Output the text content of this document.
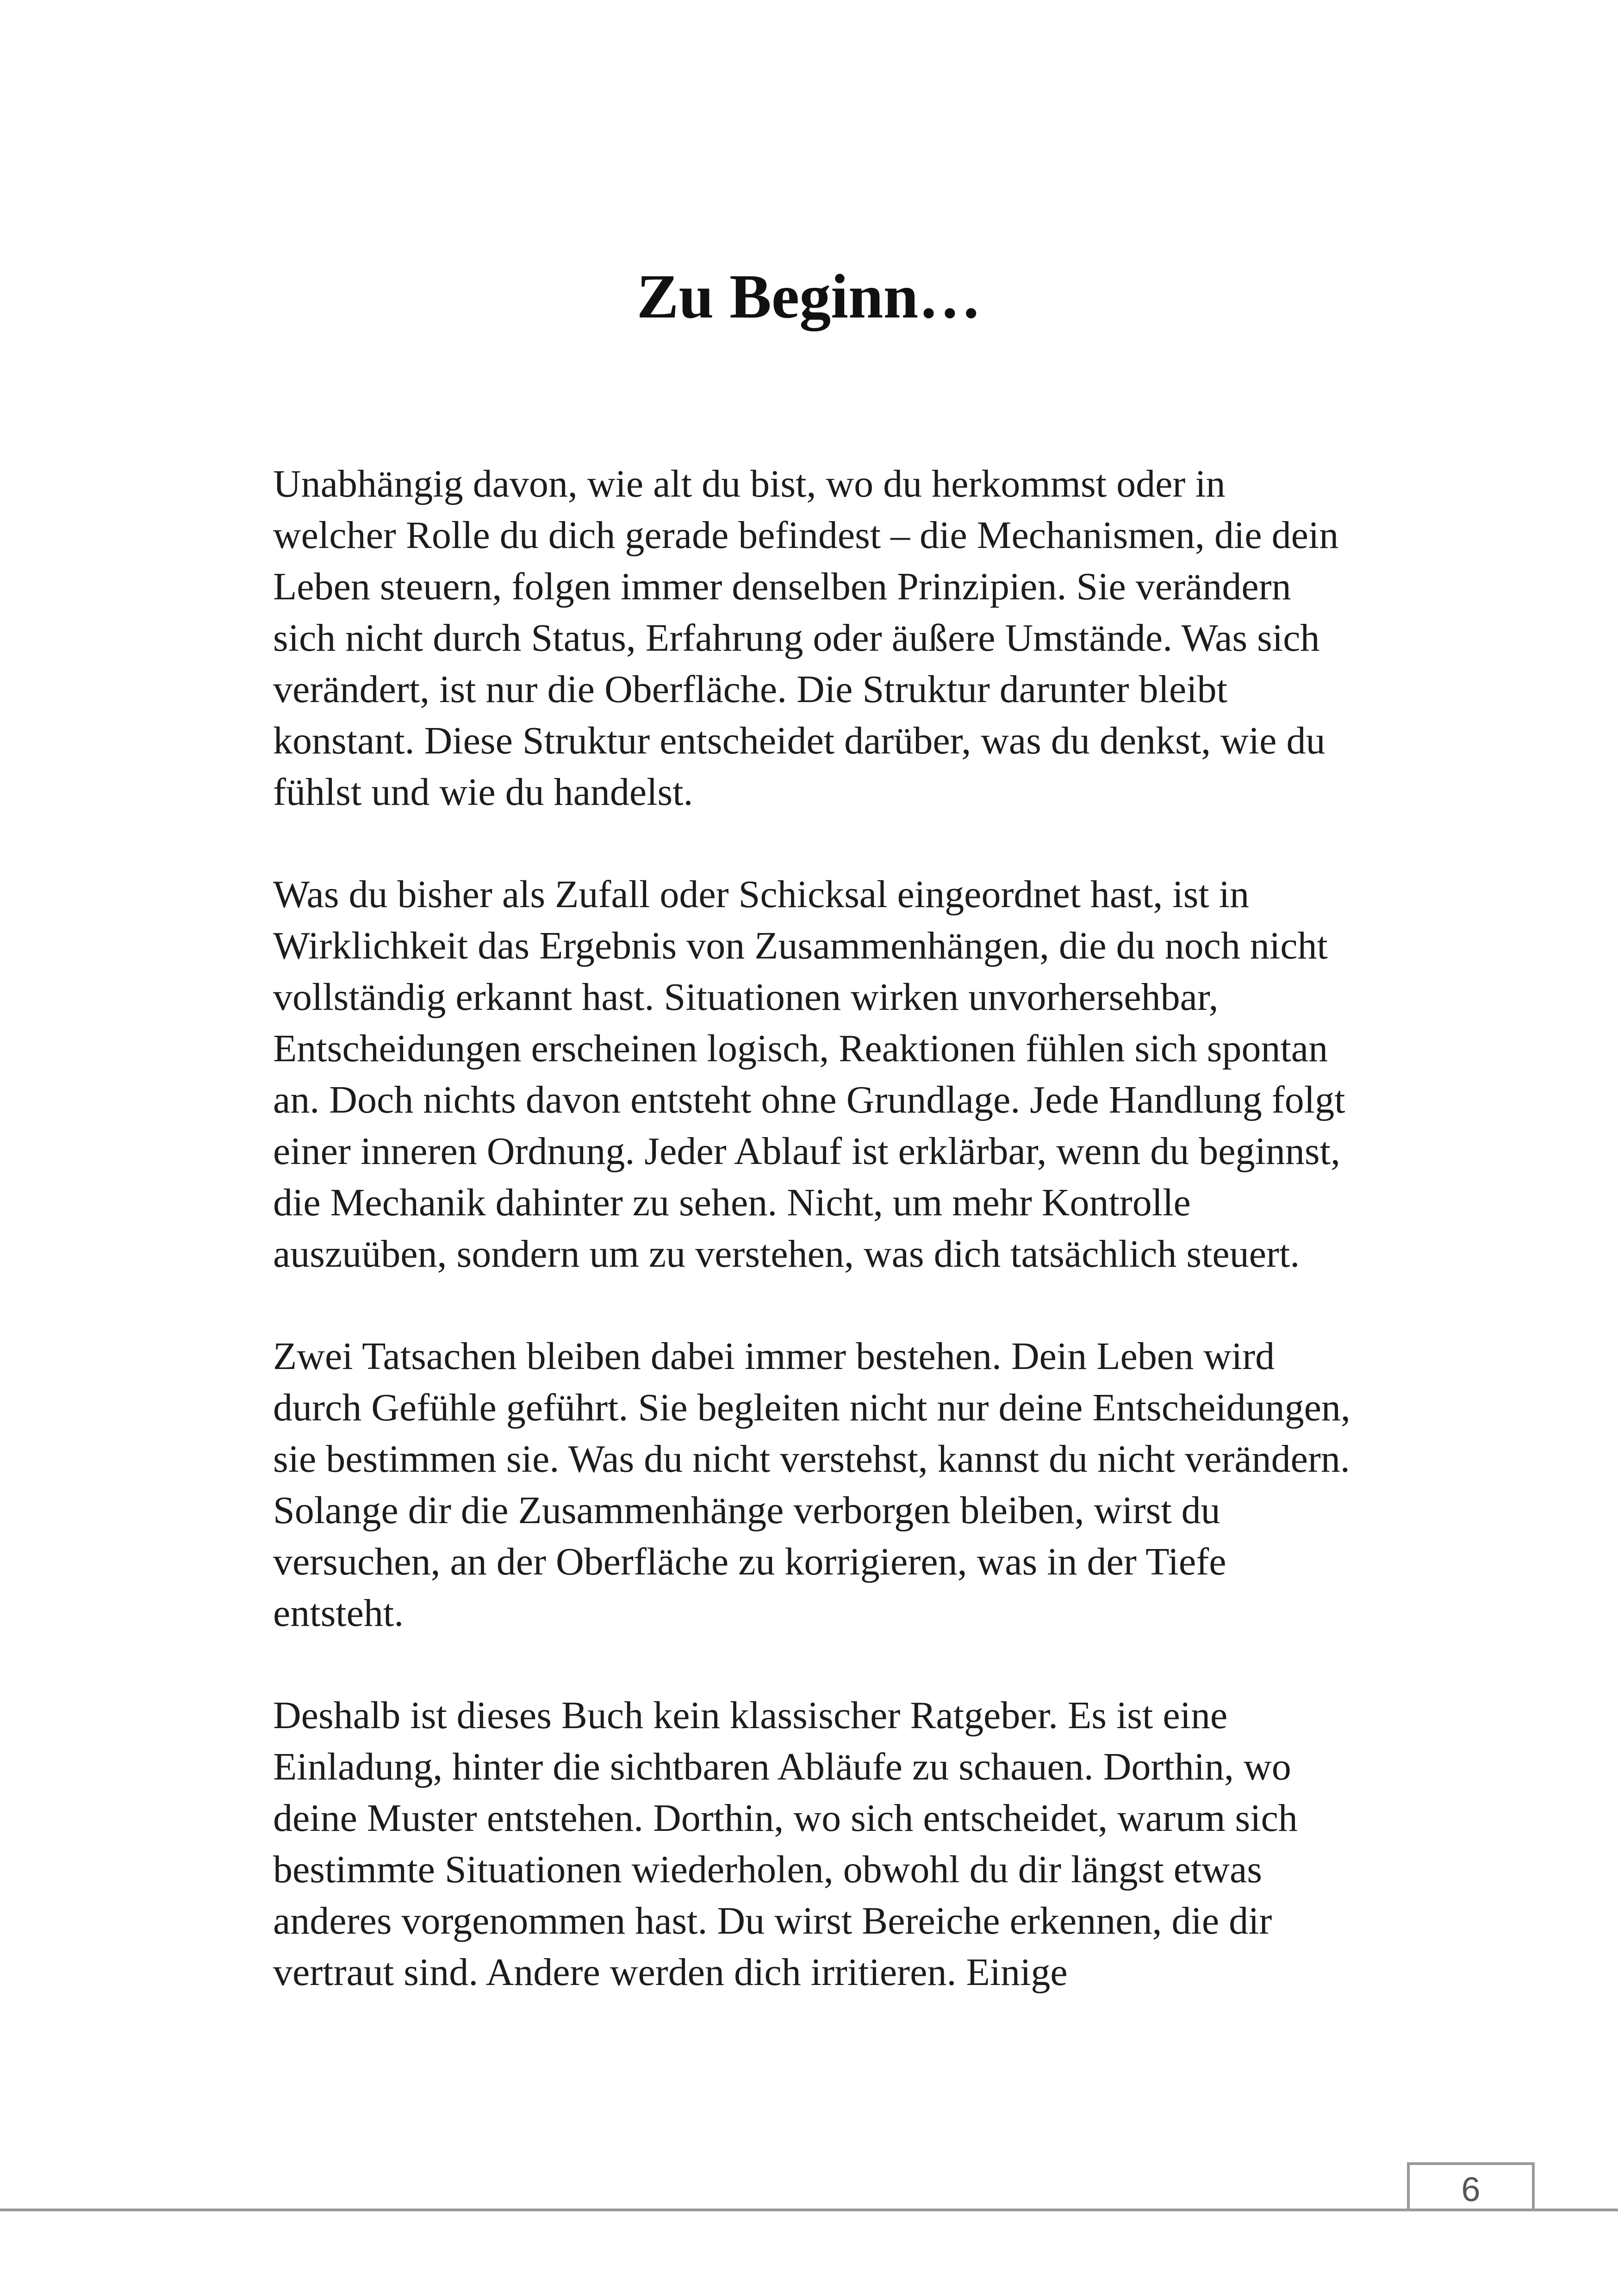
Zu Beginn…

Unabhängig davon, wie alt du bist, wo du herkommst oder in welcher Rolle du dich gerade befindest – die Mechanismen, die dein Leben steuern, folgen immer denselben Prinzipien. Sie verändern sich nicht durch Status, Erfahrung oder äußere Umstände. Was sich verändert, ist nur die Oberfläche. Die Struktur darunter bleibt konstant. Diese Struktur entscheidet darüber, was du denkst, wie du fühlst und wie du handelst.

Was du bisher als Zufall oder Schicksal eingeordnet hast, ist in Wirklichkeit das Ergebnis von Zusammenhängen, die du noch nicht vollständig erkannt hast. Situationen wirken unvorhersehbar, Entscheidungen erscheinen logisch, Reaktionen fühlen sich spontan an. Doch nichts davon entsteht ohne Grundlage. Jede Handlung folgt einer inneren Ordnung. Jeder Ablauf ist erklärbar, wenn du beginnst, die Mechanik dahinter zu sehen. Nicht, um mehr Kontrolle auszuüben, sondern um zu verstehen, was dich tatsächlich steuert.

Zwei Tatsachen bleiben dabei immer bestehen. Dein Leben wird durch Gefühle geführt. Sie begleiten nicht nur deine Entscheidungen, sie bestimmen sie. Was du nicht verstehst, kannst du nicht verändern. Solange dir die Zusammenhänge verborgen bleiben, wirst du versuchen, an der Oberfläche zu korrigieren, was in der Tiefe entsteht.

Deshalb ist dieses Buch kein klassischer Ratgeber. Es ist eine Einladung, hinter die sichtbaren Abläufe zu schauen. Dorthin, wo deine Muster entstehen. Dorthin, wo sich entscheidet, warum sich bestimmte Situationen wiederholen, obwohl du dir längst etwas anderes vorgenommen hast. Du wirst Bereiche erkennen, die dir vertraut sind. Andere werden dich irritieren. Einige

6
